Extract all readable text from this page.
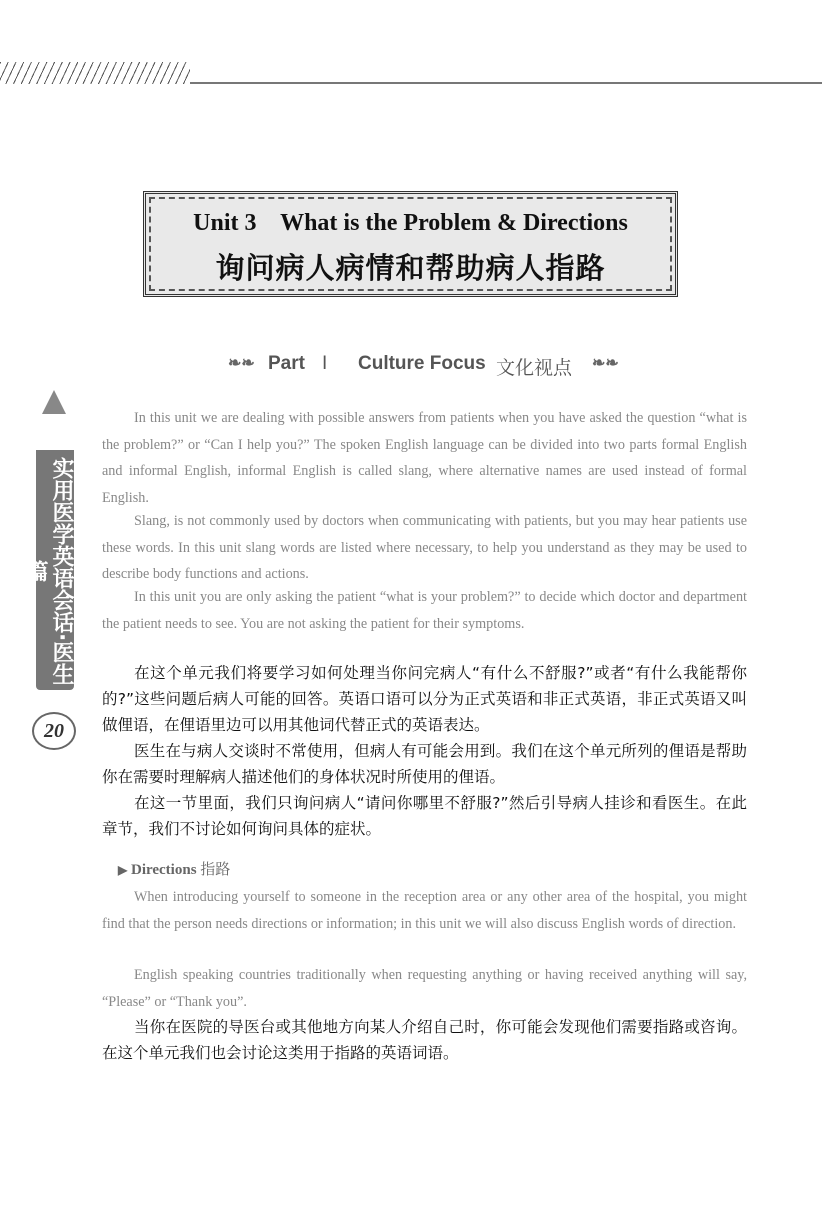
Unit 3    What is the Problem & Directions
询问病人病情和帮助病人指路
❧❧ Part I Culture Focus 文化视点 ❧❧
实用医学英语会话·医生篇
20

In this unit we are dealing with possible answers from patients when you have asked the question “what is the problem?” or “Can I help you?” The spoken English language can be divided into two parts formal English and informal English, informal English is called slang, where alternative names are used instead of formal English.

Slang, is not commonly used by doctors when communicating with patients, but you may hear patients use these words. In this unit slang words are listed where necessary, to help you understand as they may be used to describe body functions and actions.

In this unit you are only asking the patient “what is your problem?” to decide which doctor and department the patient needs to see. You are not asking the patient for their symptoms.

在这个单元我们将要学习如何处理当你问完病人“有什么不舒服?”或者“有什么我能帮你的?”这些问题后病人可能的回答。英语口语可以分为正式英语和非正式英语，非正式英语又叫做俚语，在俚语里边可以用其他词代替正式的英语表达。

医生在与病人交谈时不常使用，但病人有可能会用到。我们在这个单元所列的俚语是帮助你在需要时理解病人描述他们的身体状况时所使用的俚语。

在这一节里面，我们只询问病人“请问你哪里不舒服?”然后引导病人挂诊和看医生。在此章节，我们不讨论如何询问具体的症状。

▶ Directions 指路

When introducing yourself to someone in the reception area or any other area of the hospital, you might find that the person needs directions or information; in this unit we will also discuss English words of direction.

English speaking countries traditionally when requesting anything or having received anything will say, “Please” or “Thank you”.

当你在医院的导医台或其他地方向某人介绍自己时，你可能会发现他们需要指路或咨询。在这个单元我们也会讨论这类用于指路的英语词语。
